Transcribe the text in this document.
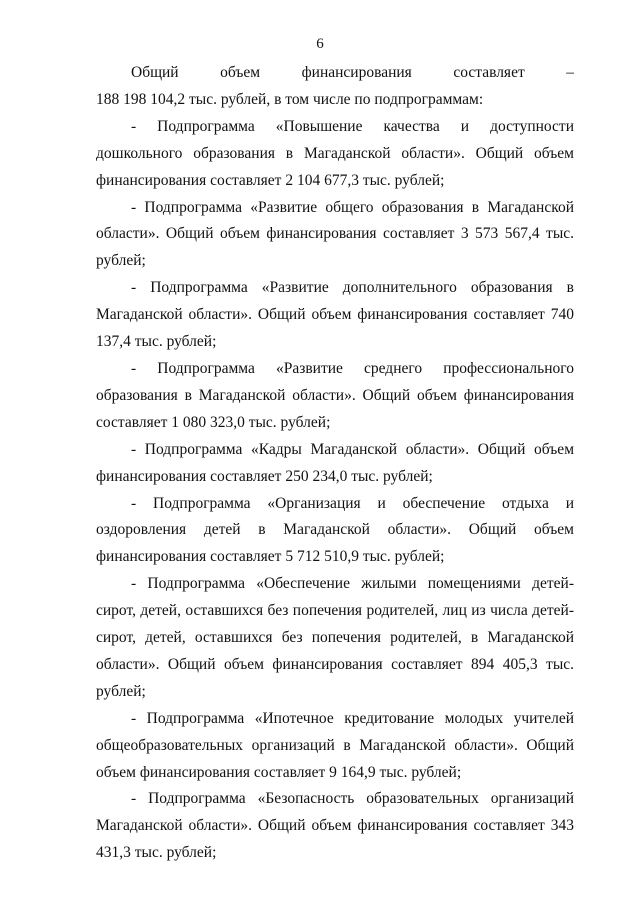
6

Общий объем финансирования составляет –
188 198 104,2 тыс. рублей, в том числе по подпрограммам:

- Подпрограмма «Повышение качества и доступности дошкольного образования в Магаданской области». Общий объем финансирования составляет 2 104 677,3 тыс. рублей;

- Подпрограмма «Развитие общего образования в Магаданской области». Общий объем финансирования составляет 3 573 567,4 тыс. рублей;

- Подпрограмма «Развитие дополнительного образования в Магаданской области». Общий объем финансирования составляет 740 137,4 тыс. рублей;

- Подпрограмма «Развитие среднего профессионального образования в Магаданской области». Общий объем финансирования составляет 1 080 323,0 тыс. рублей;

- Подпрограмма «Кадры Магаданской области». Общий объем финансирования составляет 250 234,0 тыс. рублей;

- Подпрограмма «Организация и обеспечение отдыха и оздоровления детей в Магаданской области». Общий объем финансирования составляет 5 712 510,9 тыс. рублей;

- Подпрограмма «Обеспечение жилыми помещениями детей-сирот, детей, оставшихся без попечения родителей, лиц из числа детей-сирот, детей, оставшихся без попечения родителей, в Магаданской области». Общий объем финансирования составляет 894 405,3 тыс. рублей;

- Подпрограмма «Ипотечное кредитование молодых учителей общеобразовательных организаций в Магаданской области». Общий объем финансирования составляет 9 164,9 тыс. рублей;

- Подпрограмма «Безопасность образовательных организаций Магаданской области». Общий объем финансирования составляет 343 431,3 тыс. рублей;
